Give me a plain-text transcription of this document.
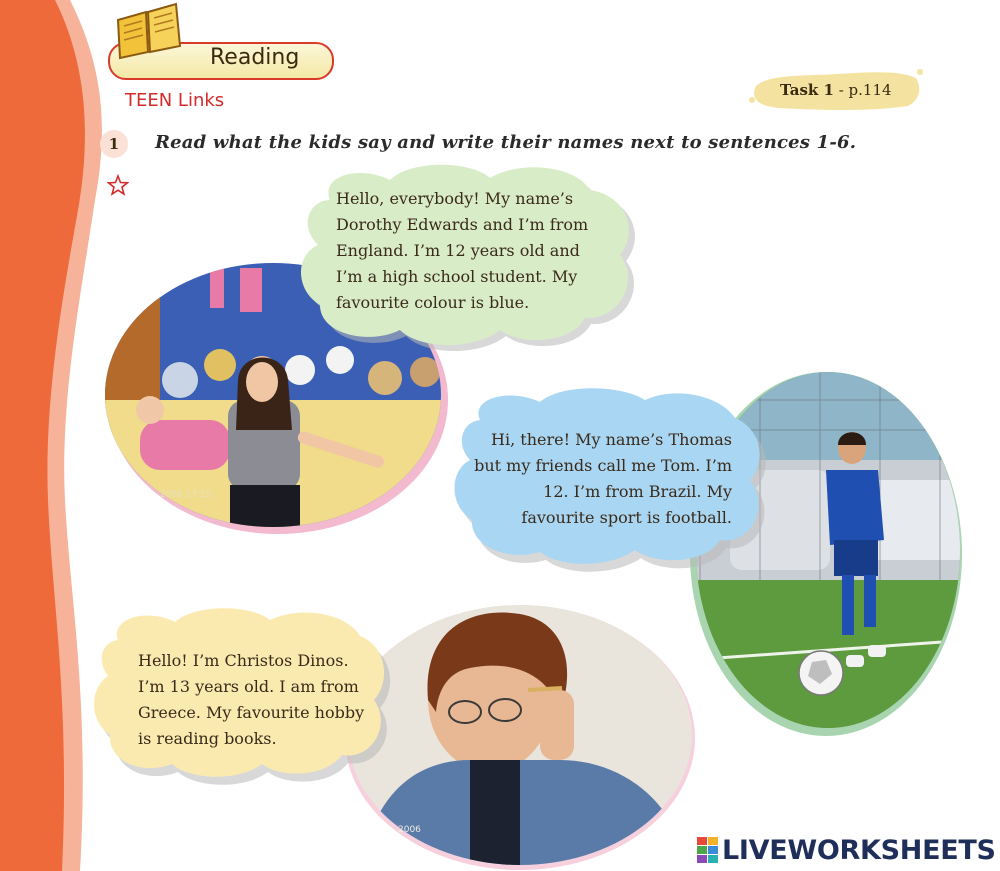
Reading
TEEN Links	Task 1 - p.114
1	Read what the kids say and write their names next to sentences 1-6.
2006 17:15
2006
Hello, everybody! My name’s Dorothy Edwards and I’m from England. I’m 12 years old and I’m a high school student. My favourite colour is blue.
Hi, there! My name’s Thomas but my friends call me Tom. I’m 12. I’m from Brazil. My favourite sport is football.
Hello! I’m Christos Dinos. I’m 13 years old. I am from Greece. My favourite hobby is reading books.
LIVEWORKSHEETS
